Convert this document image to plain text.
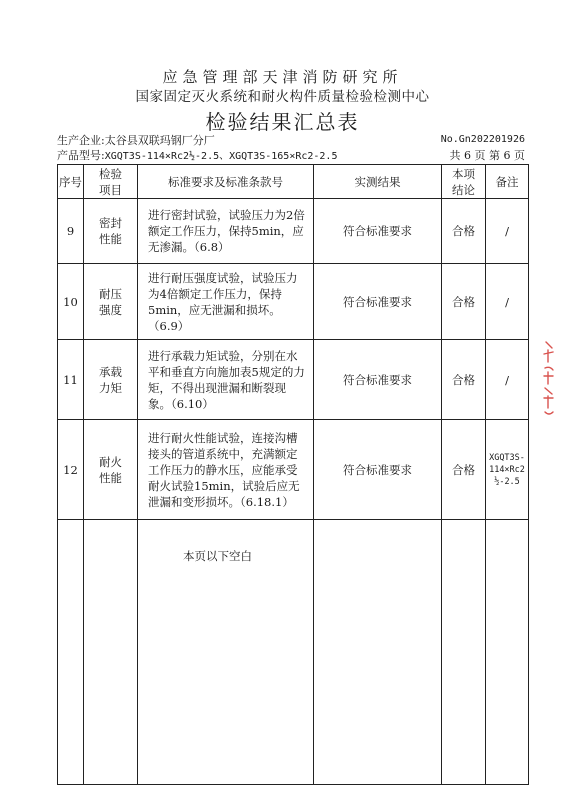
应急管理部天津消防研究所
国家固定灭火系统和耐火构件质量检验检测中心
检验结果汇总表
生产企业:太谷县双联玛钢厂分厂	No.Gn202201926
产品型号:XGQT3S-114×Rc2½-2.5、XGQT3S-165×Rc2-2.5	共 6 页 第 6 页
序号	检验项目	标准要求及标准条款号	实测结果	本项结论	备注
9	密封性能	进行密封试验，试验压力为2倍额定工作压力，保持5min，应无渗漏。（6.8）	符合标准要求	合格	/
10	耐压强度	进行耐压强度试验，试验压力为4倍额定工作压力，保持5min，应无泄漏和损坏。（6.9）	符合标准要求	合格	/
11	承载力矩	进行承载力矩试验，分别在水平和垂直方向施加表5规定的力矩，不得出现泄漏和断裂现象。（6.10）	符合标准要求	合格	/
12	耐火性能	进行耐火性能试验，连接沟槽接头的管道系统中，充满额定工作压力的静水压，应能承受耐火试验15min，试验后应无泄漏和变形损坏。（6.18.1）	符合标准要求	合格	XGQT3S-114×Rc2½-2.5

本页以下空白
